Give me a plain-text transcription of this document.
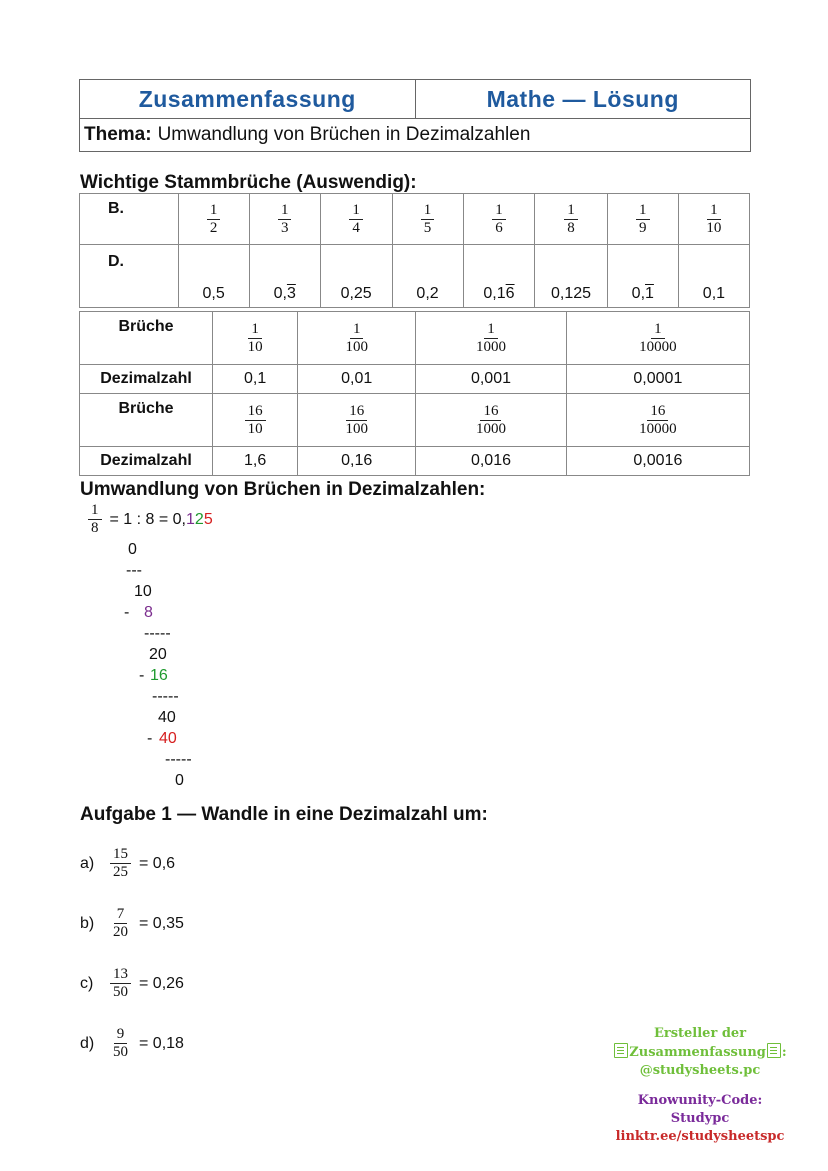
Zusammenfassung	Mathe — Lösung
Thema: Umwandlung von Brüchen in Dezimalzahlen
Wichtige Stammbrüche (Auswendig):
B.	$\frac{1}{2}$	$\frac{1}{3}$	$\frac{1}{4}$	$\frac{1}{5}$	$\frac{1}{6}$	$\frac{1}{8}$	$\frac{1}{9}$	$\frac{1}{10}$

D.	0,5	0,3	0,25	0,2	0,16	0,125	0,1	0,1
Brüche	$\frac{1}{10}$	$\frac{1}{100}$	$\frac{1}{1000}$	$\frac{1}{10000}$

Dezimalzahl	0,1	0,01	0,001	0,0001
Brüche	$\frac{16}{10}$	$\frac{16}{100}$	$\frac{16}{1000}$	$\frac{16}{10000}$

Dezimalzahl	1,6	0,16	0,016	0,0016
Umwandlung von Brüchen in Dezimalzahlen:
$\frac{1}{8} = 1$ : 8 = 0, 1 2 5
0
---
10
- 8
-----
20
- 16
-----
40
- 40
-----
0
Aufgabe 1 — Wandle in eine Dezimalzahl um:
a)	$\frac{15}{25} = 0,6$
b)	$\frac{7}{20} = 0,35$
c)	$\frac{13}{50} = 0,26$
d)	$\frac{9}{50} = 0,18$
Ersteller der
Zusammenfassung :
@studysheets.pc
Knowunity-Code:
Studypc
linktr.ee/studysheetspc
